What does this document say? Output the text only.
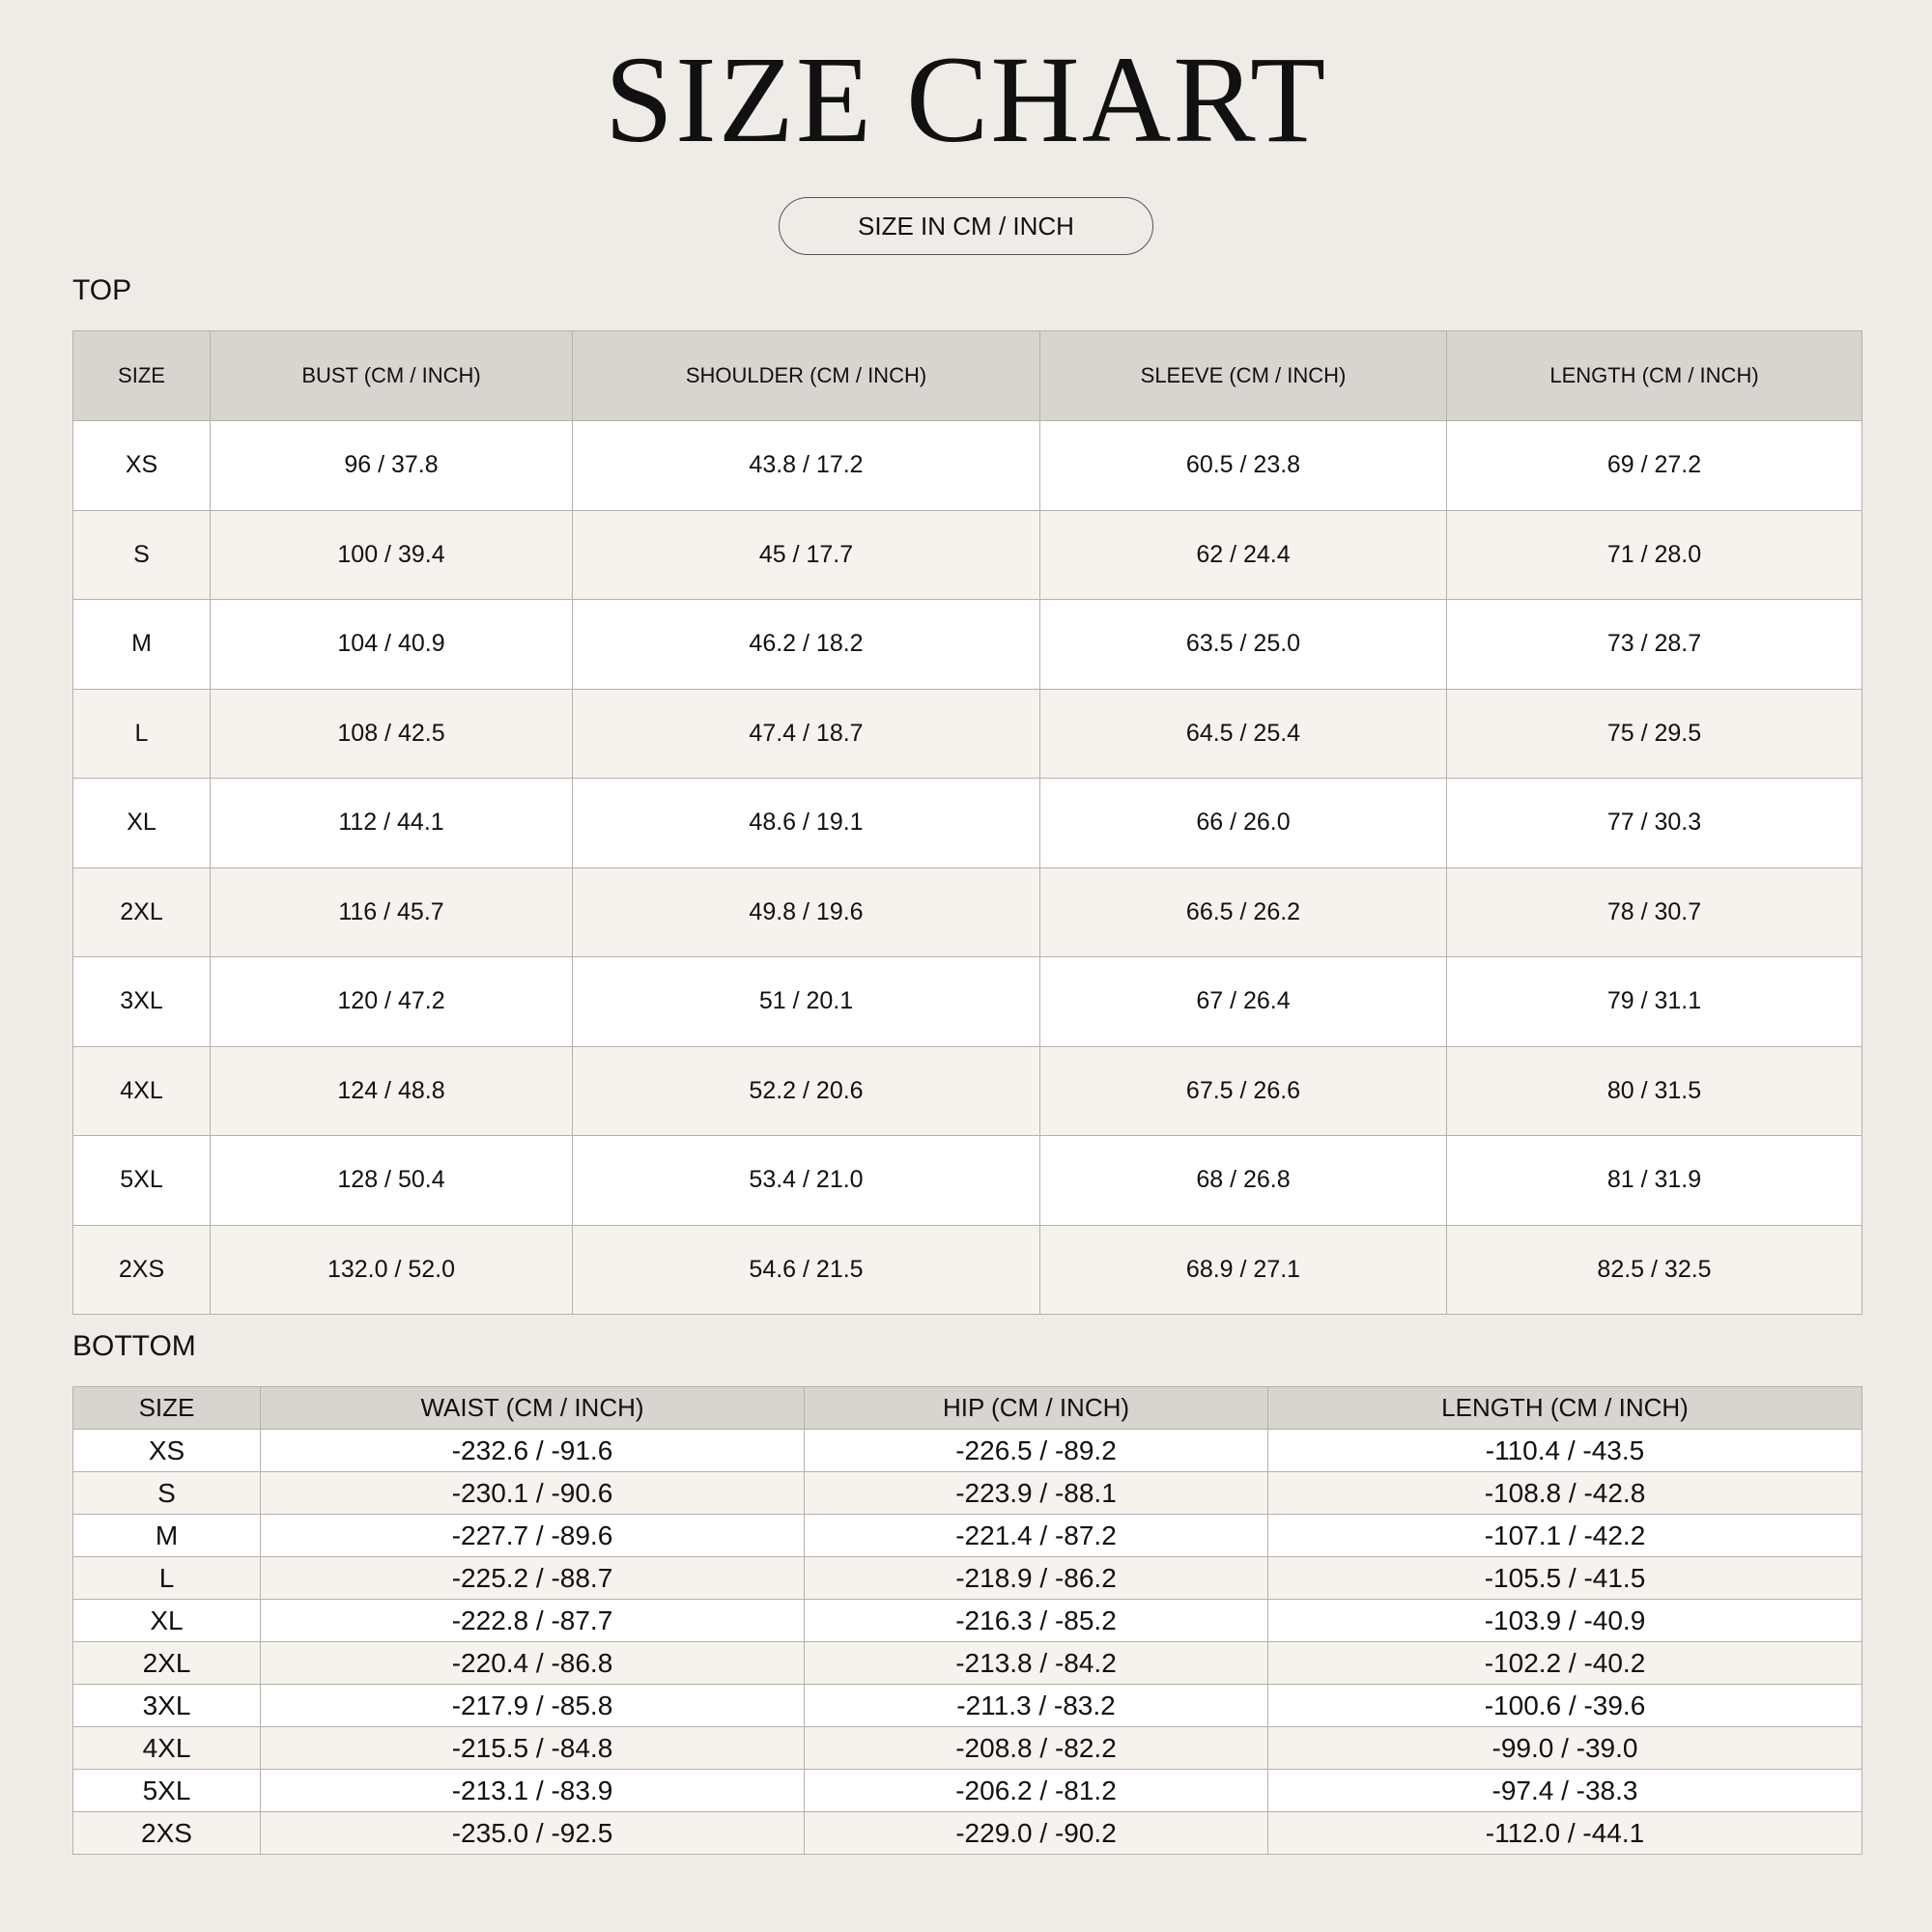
SIZE CHART
SIZE IN CM / INCH
TOP
SIZE	BUST (CM / INCH)	SHOULDER (CM / INCH)	SLEEVE (CM / INCH)	LENGTH (CM / INCH)
XS	96 / 37.8	43.8 / 17.2	60.5 / 23.8	69 / 27.2
S	100 / 39.4	45 / 17.7	62 / 24.4	71 / 28.0
M	104 / 40.9	46.2 / 18.2	63.5 / 25.0	73 / 28.7
L	108 / 42.5	47.4 / 18.7	64.5 / 25.4	75 / 29.5
XL	112 / 44.1	48.6 / 19.1	66 / 26.0	77 / 30.3
2XL	116 / 45.7	49.8 / 19.6	66.5 / 26.2	78 / 30.7
3XL	120 / 47.2	51 / 20.1	67 / 26.4	79 / 31.1
4XL	124 / 48.8	52.2 / 20.6	67.5 / 26.6	80 / 31.5
5XL	128 / 50.4	53.4 / 21.0	68 / 26.8	81 / 31.9
2XS	132.0 / 52.0	54.6 / 21.5	68.9 / 27.1	82.5 / 32.5
BOTTOM
SIZE	WAIST (CM / INCH)	HIP (CM / INCH)	LENGTH (CM / INCH)
XS	-232.6 / -91.6	-226.5 / -89.2	-110.4 / -43.5
S	-230.1 / -90.6	-223.9 / -88.1	-108.8 / -42.8
M	-227.7 / -89.6	-221.4 / -87.2	-107.1 / -42.2
L	-225.2 / -88.7	-218.9 / -86.2	-105.5 / -41.5
XL	-222.8 / -87.7	-216.3 / -85.2	-103.9 / -40.9
2XL	-220.4 / -86.8	-213.8 / -84.2	-102.2 / -40.2
3XL	-217.9 / -85.8	-211.3 / -83.2	-100.6 / -39.6
4XL	-215.5 / -84.8	-208.8 / -82.2	-99.0 / -39.0
5XL	-213.1 / -83.9	-206.2 / -81.2	-97.4 / -38.3
2XS	-235.0 / -92.5	-229.0 / -90.2	-112.0 / -44.1
